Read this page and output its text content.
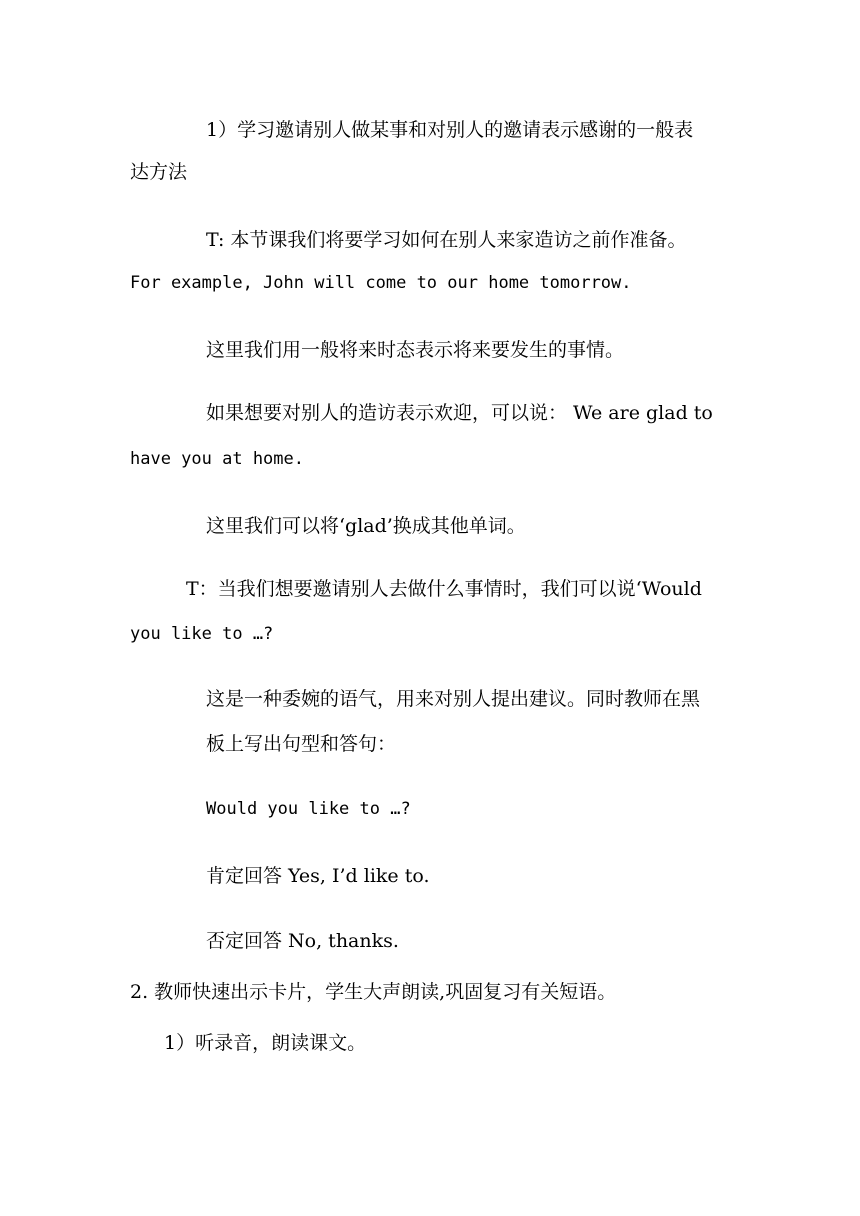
1）学习邀请别人做某事和对别人的邀请表示感谢的一般表
达方法
T: 本节课我们将要学习如何在别人来家造访之前作准备。
For example, John will come to our home tomorrow.
这里我们用一般将来时态表示将来要发生的事情。
如果想要对别人的造访表示欢迎，可以说： We are glad to
have you at home.
这里我们可以将‘glad’换成其他单词。
T：当我们想要邀请别人去做什么事情时，我们可以说‘Would
you like to …?
这是一种委婉的语气，用来对别人提出建议。同时教师在黑
板上写出句型和答句：
Would you like to …?
肯定回答 Yes, I’d like to.
否定回答 No, thanks.
2. 教师快速出示卡片，学生大声朗读,巩固复习有关短语。
1）听录音，朗读课文。
